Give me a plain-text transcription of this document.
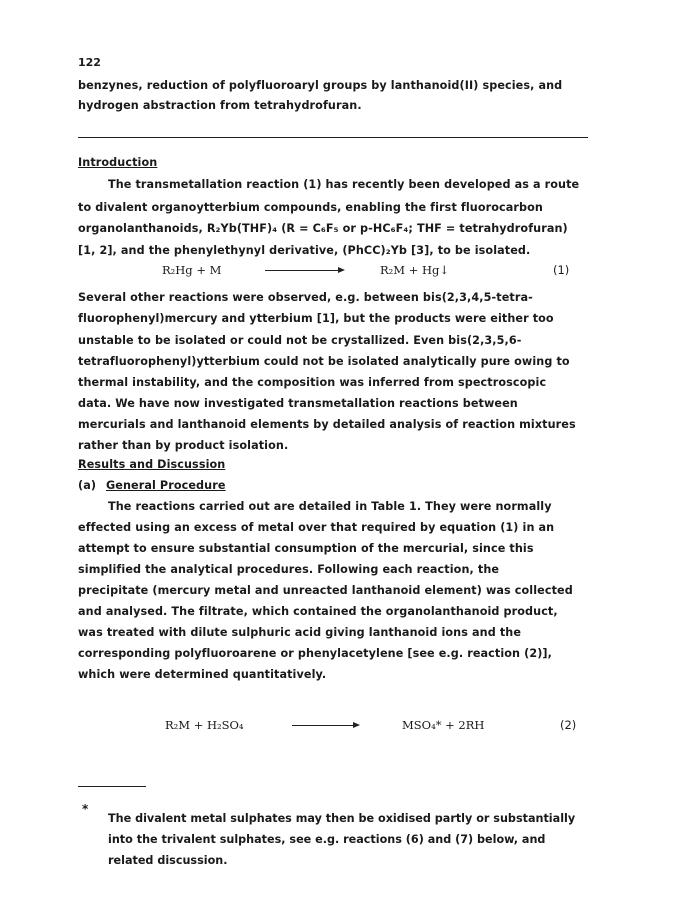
122
benzynes, reduction of polyfluoroaryl groups by lanthanoid(II) species, and
hydrogen abstraction from tetrahydrofuran.
Introduction
The transmetallation reaction (1) has recently been developed as a route
to divalent organoytterbium compounds, enabling the first fluorocarbon
organolanthanoids, R₂Yb(THF)₄ (R = C₆F₅ or p-HC₆F₄; THF = tetrahydrofuran)
[1, 2], and the phenylethynyl derivative, (PhCC)₂Yb [3], to be isolated.
R₂Hg + M	R₂M + Hg↓	(1)
Several other reactions were observed, e.g. between bis(2,3,4,5-tetra-
fluorophenyl)mercury and ytterbium [1], but the products were either too
unstable to be isolated or could not be crystallized. Even bis(2,3,5,6-
tetrafluorophenyl)ytterbium could not be isolated analytically pure owing to
thermal instability, and the composition was inferred from spectroscopic
data. We have now investigated transmetallation reactions between
mercurials and lanthanoid elements by detailed analysis of reaction mixtures
rather than by product isolation.
Results and Discussion
(a) General Procedure
The reactions carried out are detailed in Table 1. They were normally
effected using an excess of metal over that required by equation (1) in an
attempt to ensure substantial consumption of the mercurial, since this
simplified the analytical procedures. Following each reaction, the
precipitate (mercury metal and unreacted lanthanoid element) was collected
and analysed. The filtrate, which contained the organolanthanoid product,
was treated with dilute sulphuric acid giving lanthanoid ions and the
corresponding polyfluoroarene or phenylacetylene [see e.g. reaction (2)],
which were determined quantitatively.
R₂M + H₂SO₄	MSO₄* + 2RH	(2)
*
The divalent metal sulphates may then be oxidised partly or substantially
into the trivalent sulphates, see e.g. reactions (6) and (7) below, and
related discussion.
